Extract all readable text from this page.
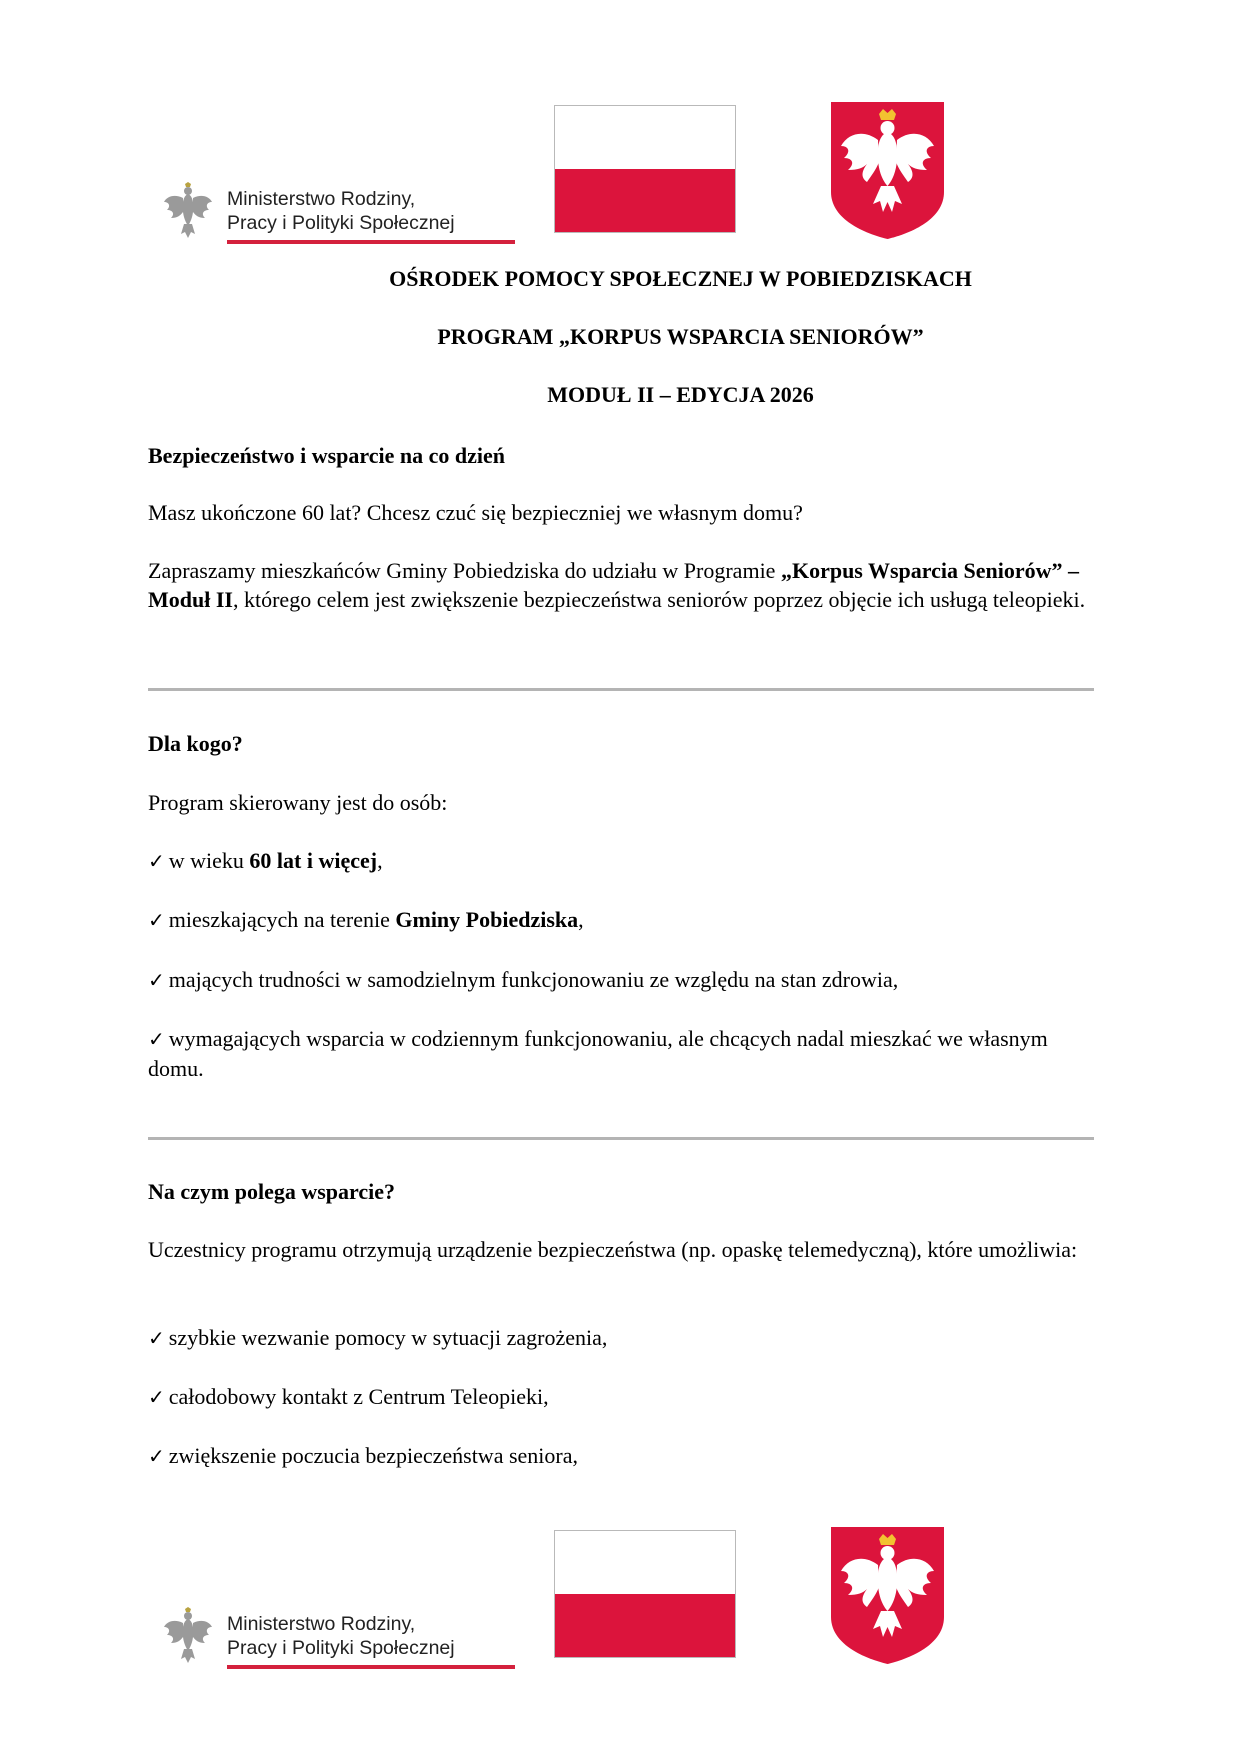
Ministerstwo Rodziny,
Pracy i Polityki Społecznej
OŚRODEK POMOCY SPOŁECZNEJ W POBIEDZISKACH
PROGRAM „KORPUS WSPARCIA SENIORÓW”
MODUŁ II – EDYCJA 2026
Bezpieczeństwo i wsparcie na co dzień
Masz ukończone 60 lat? Chcesz czuć się bezpieczniej we własnym domu?
Zapraszamy mieszkańców Gminy Pobiedziska do udziału w Programie „Korpus Wsparcia Seniorów” – Moduł II, którego celem jest zwiększenie bezpieczeństwa seniorów poprzez objęcie ich usługą teleopieki.
Dla kogo?
Program skierowany jest do osób:
✓ w wieku 60 lat i więcej,
✓ mieszkających na terenie Gminy Pobiedziska,
✓ mających trudności w samodzielnym funkcjonowaniu ze względu na stan zdrowia,
✓ wymagających wsparcia w codziennym funkcjonowaniu, ale chcących nadal mieszkać we własnym domu.
Na czym polega wsparcie?
Uczestnicy programu otrzymują urządzenie bezpieczeństwa (np. opaskę telemedyczną), które umożliwia:
✓ szybkie wezwanie pomocy w sytuacji zagrożenia,
✓ całodobowy kontakt z Centrum Teleopieki,
✓ zwiększenie poczucia bezpieczeństwa seniora,
Ministerstwo Rodziny,
Pracy i Polityki Społecznej
